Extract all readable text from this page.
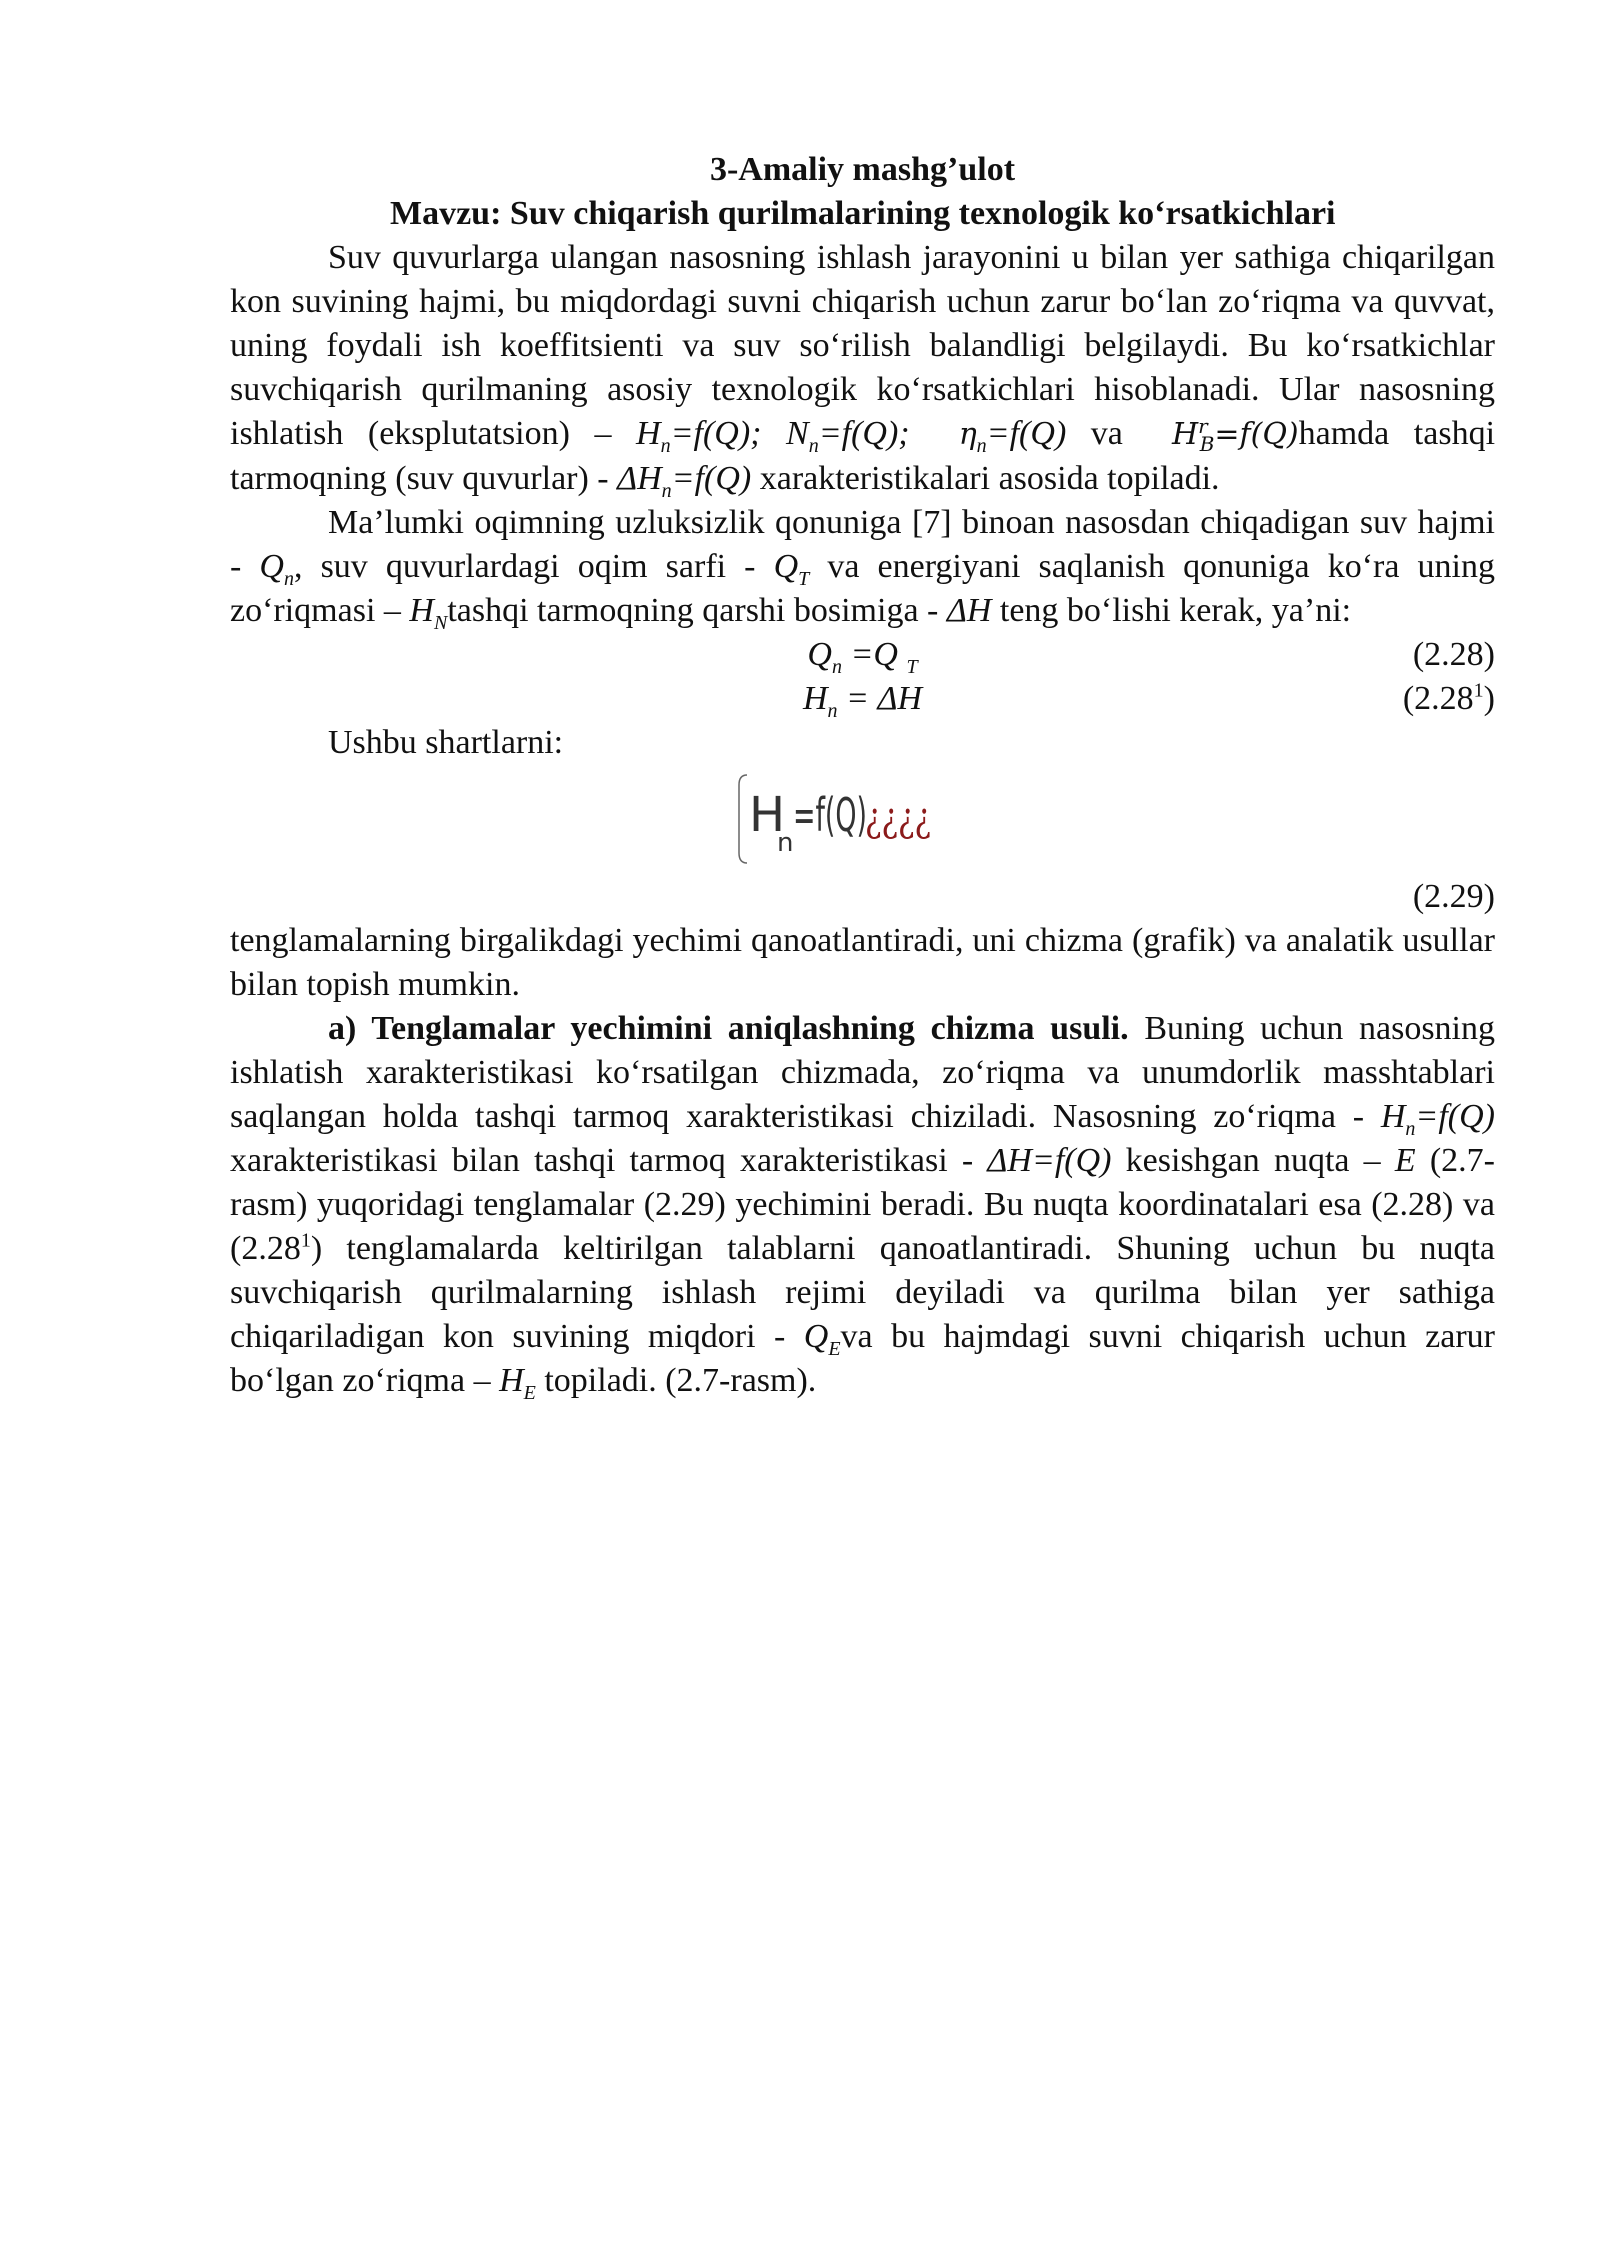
3-Amaliy mashg’ulot
Mavzu: Suv chiqarish qurilmalarining texnologik ko‘rsatkichlari

Suv quvurlarga ulangan nasosning ishlash jarayonini u bilan yer sathiga chiqarilgan kon suvining hajmi, bu miqdordagi suvni chiqarish uchun zarur bo‘lan zo‘riqma va quvvat, uning foydali ish koeffitsienti va suv so‘rilish balandligi belgilaydi. Bu ko‘rsatkichlar suvchiqarish qurilmaning asosiy texnologik ko‘rsatkichlari hisoblanadi. Ular nasosning ishlatish (eksplutatsion) – $H_n=f(Q)$; $N_n=f(Q)$; $\eta_n=f(Q)$ va  $H^r_B=f(Q)hamda$ tashqi tarmoqning (suv quvurlar) - $\Delta H_n=f(Q)$ xarakteristikalari asosida topiladi.

Ma’lumki oqimning uzluksizlik qonuniga [7] binoan nasosdan chiqadigan suv hajmi - $Q_n$, suv quvurlardagi oqim sarfi - $Q_T$ va energiyani saqlanish qonuniga ko‘ra uning zo‘riqmasi – $H_Ntashqi$ tarmoqning qarshi bosimiga - ΔH teng bo‘lishi kerak, ya’ni:

$Q_n =Q$ $_T$	(2.28)
$H_n = \Delta H$	(2.28$^1$)

Ushbu shartlarni:

H
n
=f(Q)
¿¿¿¿
(2.29)

tenglamalarning birgalikdagi yechimi qanoatlantiradi, uni chizma (grafik) va analatik usullar bilan topish mumkin.

a) Tenglamalar yechimini aniqlashning chizma usuli. Buning uchun nasosning ishlatish xarakteristikasi ko‘rsatilgan chizmada, zo‘riqma va unumdorlik masshtablari saqlangan holda tashqi tarmoq xarakteristikasi chiziladi. Nasosning zo‘riqma - $H_n=f(Q)$ xarakteristikasi bilan tashqi tarmoq xarakteristikasi - ΔH=f(Q) kesishgan nuqta – E (2.7-rasm) yuqoridagi tenglamalar (2.29) yechimini beradi. Bu nuqta koordinatalari esa (2.28) va (2.28$^1$) tenglamalarda keltirilgan talablarni qanoatlantiradi. Shuning uchun bu nuqta suvchiqarish qurilmalarning ishlash rejimi deyiladi va qurilma bilan yer sathiga chiqariladigan kon suvining miqdori - $Q_Eva$ bu hajmdagi suvni chiqarish uchun zarur bo‘lgan zo‘riqma – $H_E$ topiladi. (2.7-rasm).
